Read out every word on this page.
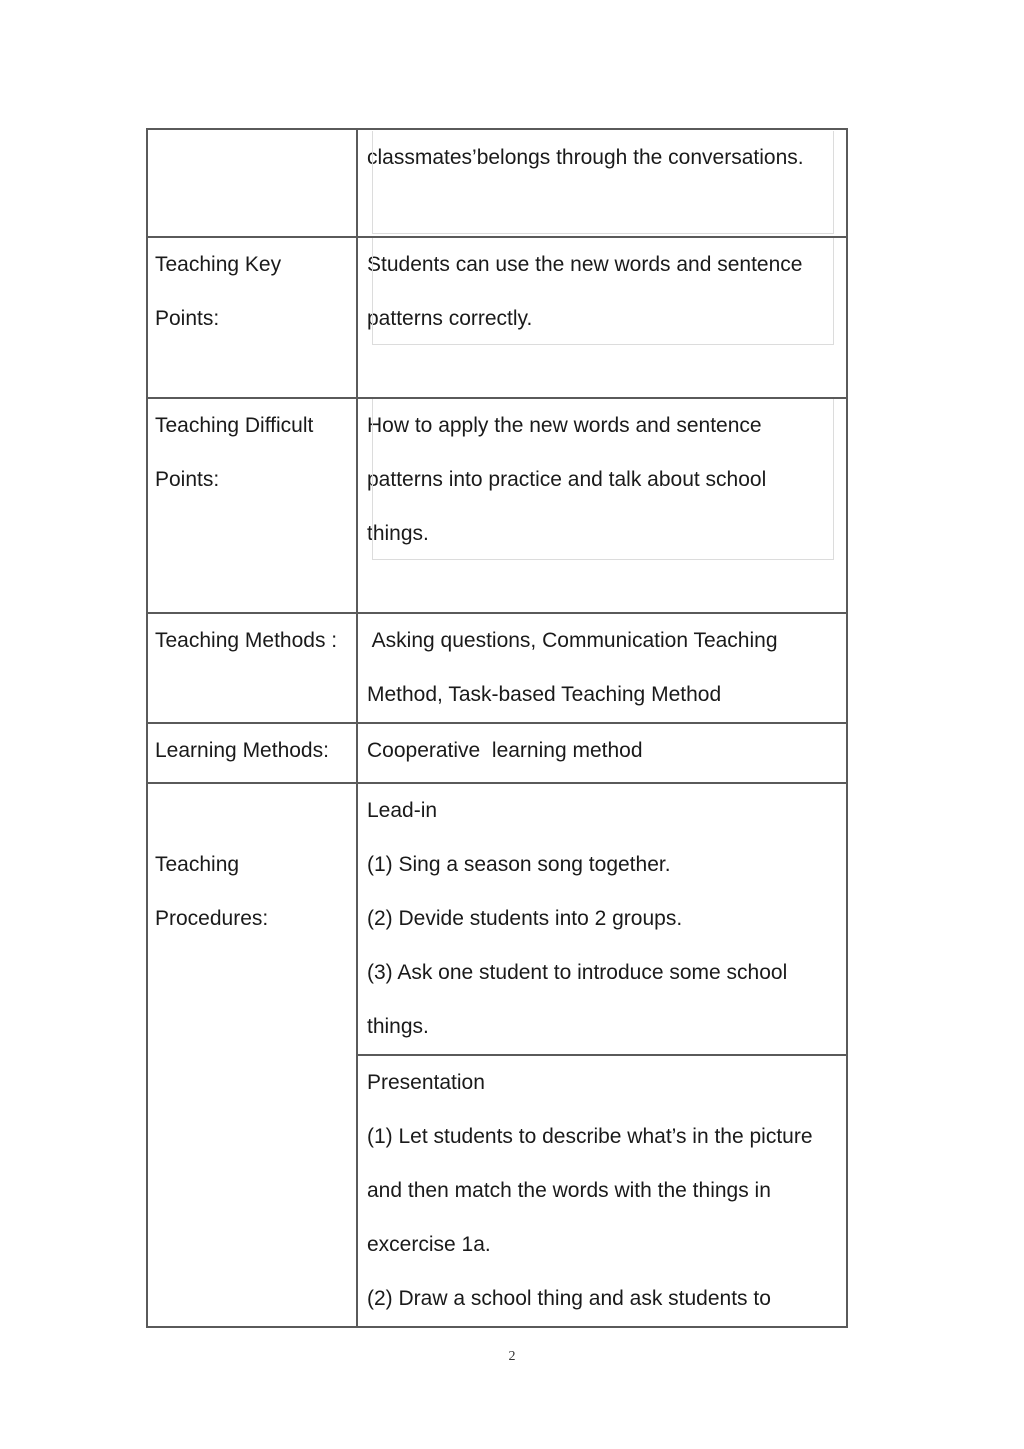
	classmates’belongs through the conversations.

Teaching Key
Points:	Students can use the new words and sentence
patterns correctly.

Teaching Difficult
Points:	How to apply the new words and sentence
patterns into practice and talk about school
things.

Teaching Methods :	Asking questions, Communication Teaching
Method, Task-based Teaching Method

Learning Methods:	Cooperative  learning method

Teaching
Procedures:	Lead-in
(1) Sing a season song together.
(2) Devide students into 2 groups.
(3) Ask one student to introduce some school
things.

	Presentation
(1) Let students to describe what’s in the picture
and then match the words with the things in
excercise 1a.
(2) Draw a school thing and ask students to
2
